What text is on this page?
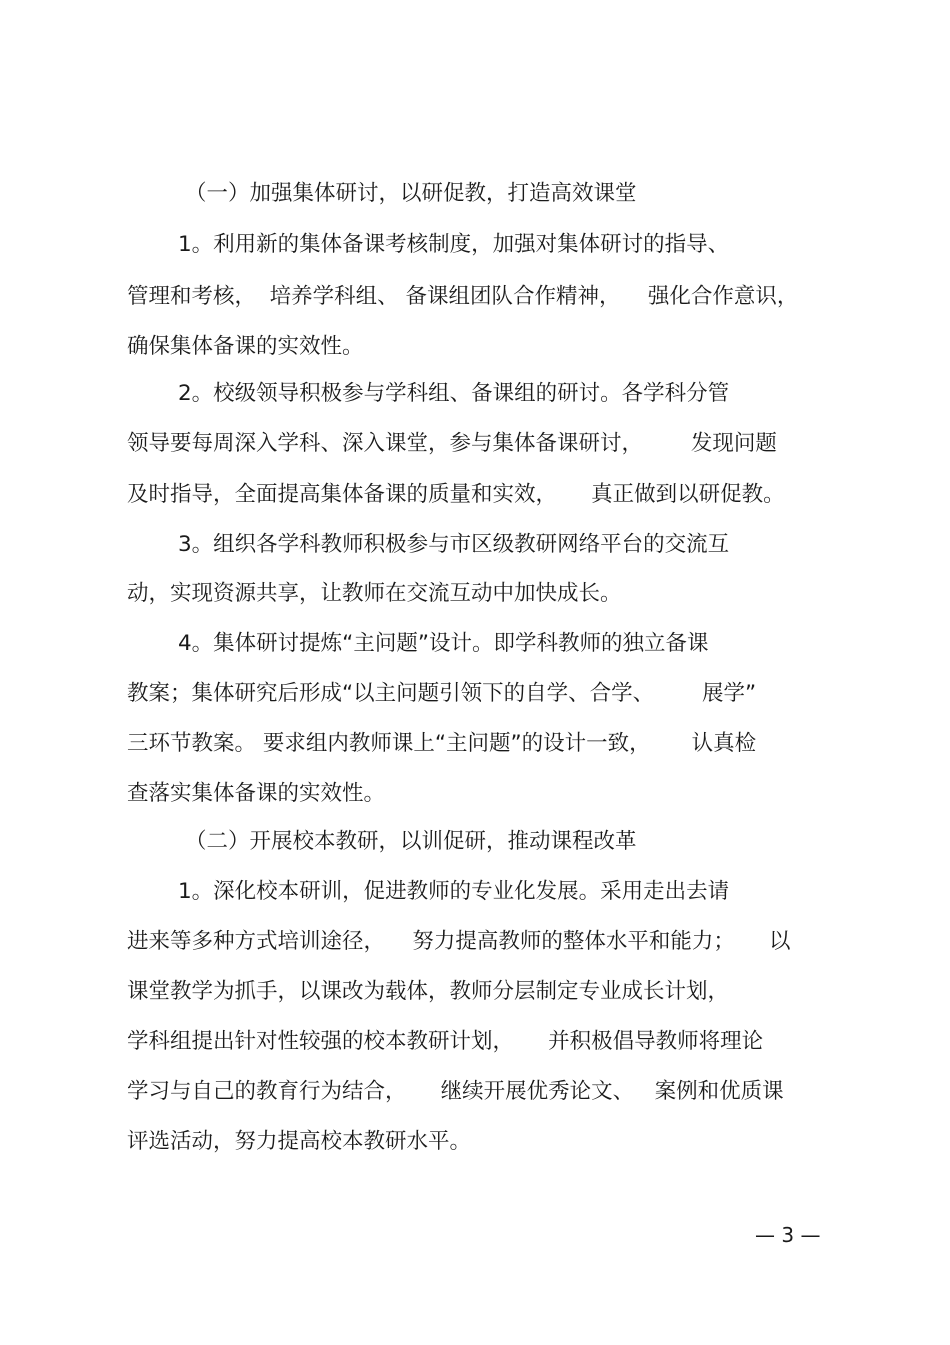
（一）加强集体研讨，以研促教，打造高效课堂
1。利用新的集体备课考核制度，加强对集体研讨的指导、
管理和考核，  培养学科组、 备课组团队合作精神，    强化合作意识，
确保集体备课的实效性。
2。校级领导积极参与学科组、备课组的研讨。各学科分管
领导要每周深入学科、深入课堂，参与集体备课研讨，       发现问题
及时指导，全面提高集体备课的质量和实效，     真正做到以研促教。
3。组织各学科教师积极参与市区级教研网络平台的交流互
动，实现资源共享，让教师在交流互动中加快成长。
4。集体研讨提炼“主问题”设计。即学科教师的独立备课
教案；集体研究后形成“以主问题引领下的自学、合学、       展学”
三环节教案。 要求组内教师课上“主问题”的设计一致，      认真检
查落实集体备课的实效性。
（二）开展校本教研，以训促研，推动课程改革
1。深化校本研训，促进教师的专业化发展。采用走出去请
进来等多种方式培训途径，    努力提高教师的整体水平和能力；     以
课堂教学为抓手，以课改为载体，教师分层制定专业成长计划，
学科组提出针对性较强的校本教研计划，     并积极倡导教师将理论
学习与自己的教育行为结合，     继续开展优秀论文、   案例和优质课
评选活动，努力提高校本教研水平。
— 3 —
